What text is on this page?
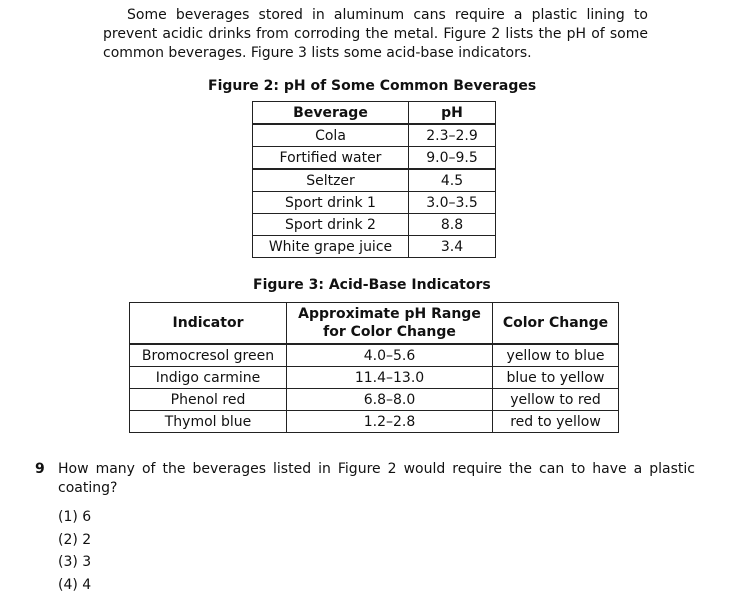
Some beverages stored in aluminum cans require a plastic lining to prevent acidic drinks from corroding the metal. Figure 2 lists the pH of some common beverages. Figure 3 lists some acid-base indicators.

Figure 2: pH of Some Common Beverages

Beverage	pH
Cola	2.3–2.9
Fortified water	9.0–9.5
Seltzer	4.5
Sport drink 1	3.0–3.5
Sport drink 2	8.8
White grape juice	3.4

Figure 3: Acid-Base Indicators

Indicator	Approximate pH Range for Color Change	Color Change
Bromocresol green	4.0–5.6	yellow to blue
Indigo carmine	11.4–13.0	blue to yellow
Phenol red	6.8–8.0	yellow to red
Thymol blue	1.2–2.8	red to yellow
9 How many of the beverages listed in Figure 2 would require the can to have a plastic coating?
(1) 6
(2) 2
(3) 3
(4) 4
